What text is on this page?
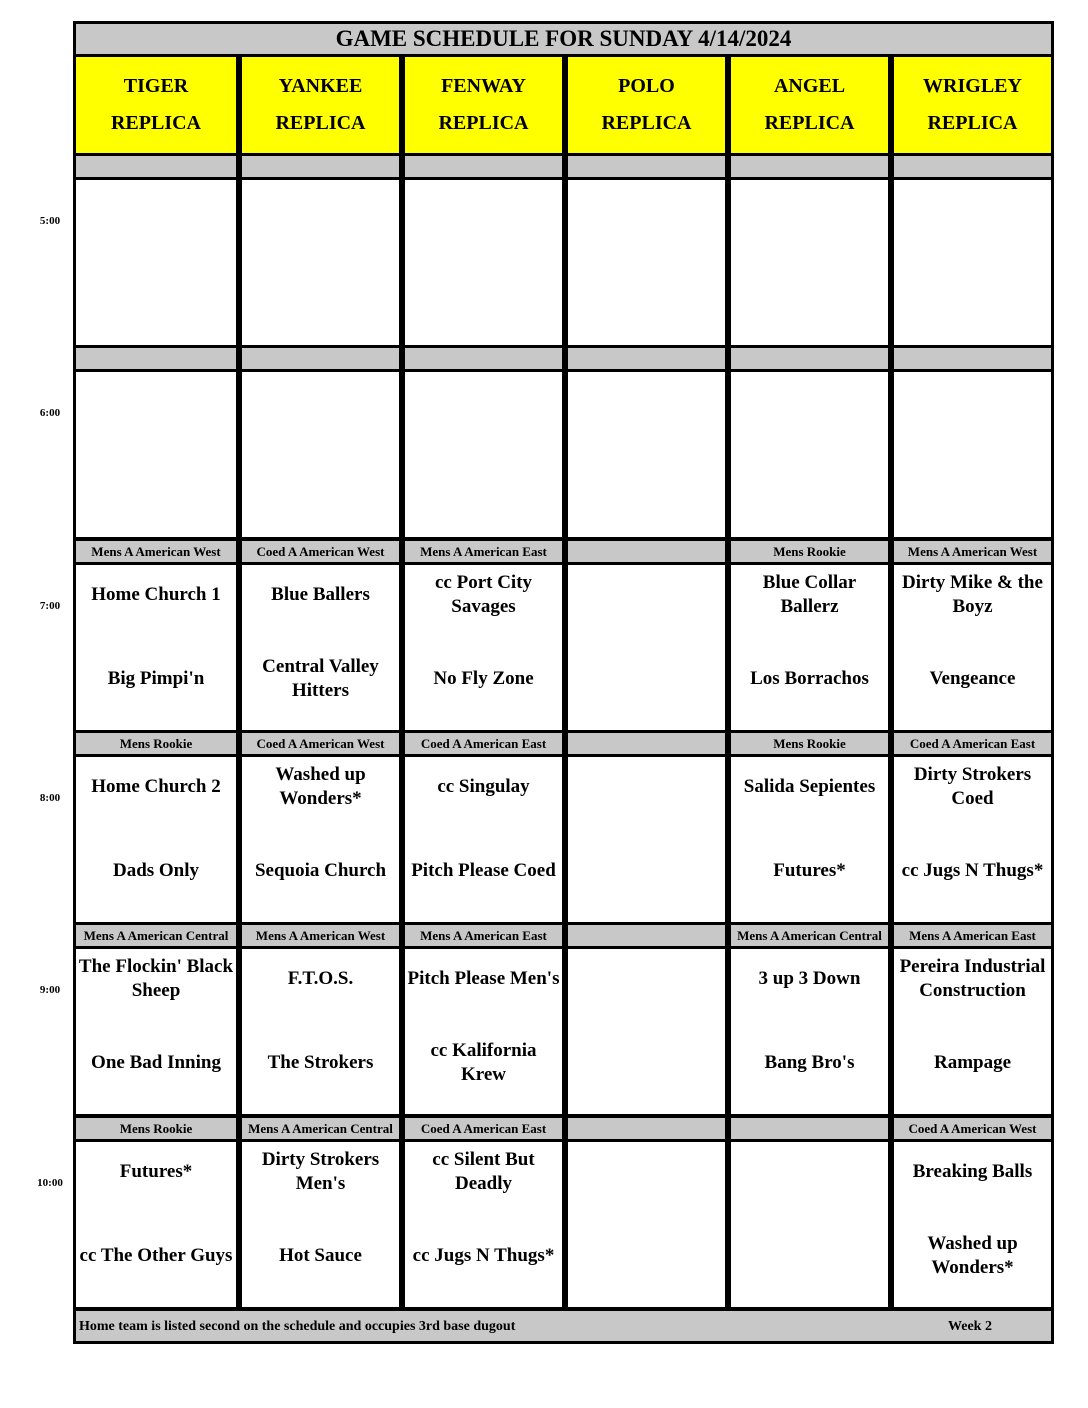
GAME SCHEDULE FOR SUNDAY 4/14/2024
TIGER
REPLICA
YANKEE
REPLICA
FENWAY
REPLICA
POLO
REPLICA
ANGEL
REPLICA
WRIGLEY
REPLICA
5:00
6:00
7:00
Mens A American West
Home Church 1
Big Pimpi'n
Coed A American West
Blue Ballers
Central Valley Hitters
Mens A American East
cc Port City Savages
No Fly Zone
Mens Rookie
Blue Collar Ballerz
Los Borrachos
Mens A American West
Dirty Mike & the Boyz
Vengeance
8:00
Mens Rookie
Home Church 2
Dads Only
Coed A American West
Washed up Wonders*
Sequoia Church
Coed A American East
cc Singulay
Pitch Please Coed
Mens Rookie
Salida Sepientes
Futures*
Coed A American East
Dirty Strokers Coed
cc Jugs N Thugs*
9:00
Mens A American Central
The Flockin' Black Sheep
One Bad Inning
Mens A American West
F.T.O.S.
The Strokers
Mens A American East
Pitch Please Men's
cc Kalifornia Krew
Mens A American Central
3 up 3 Down
Bang Bro's
Mens A American East
Pereira Industrial Construction
Rampage
10:00
Mens Rookie
Futures*
cc The Other Guys
Mens A American Central
Dirty Strokers Men's
Hot Sauce
Coed A American East
cc Silent But Deadly
cc Jugs N Thugs*
Coed A American West
Breaking Balls
Washed up Wonders*
Home team is listed second on the schedule and occupies 3rd base dugout	Week 2
